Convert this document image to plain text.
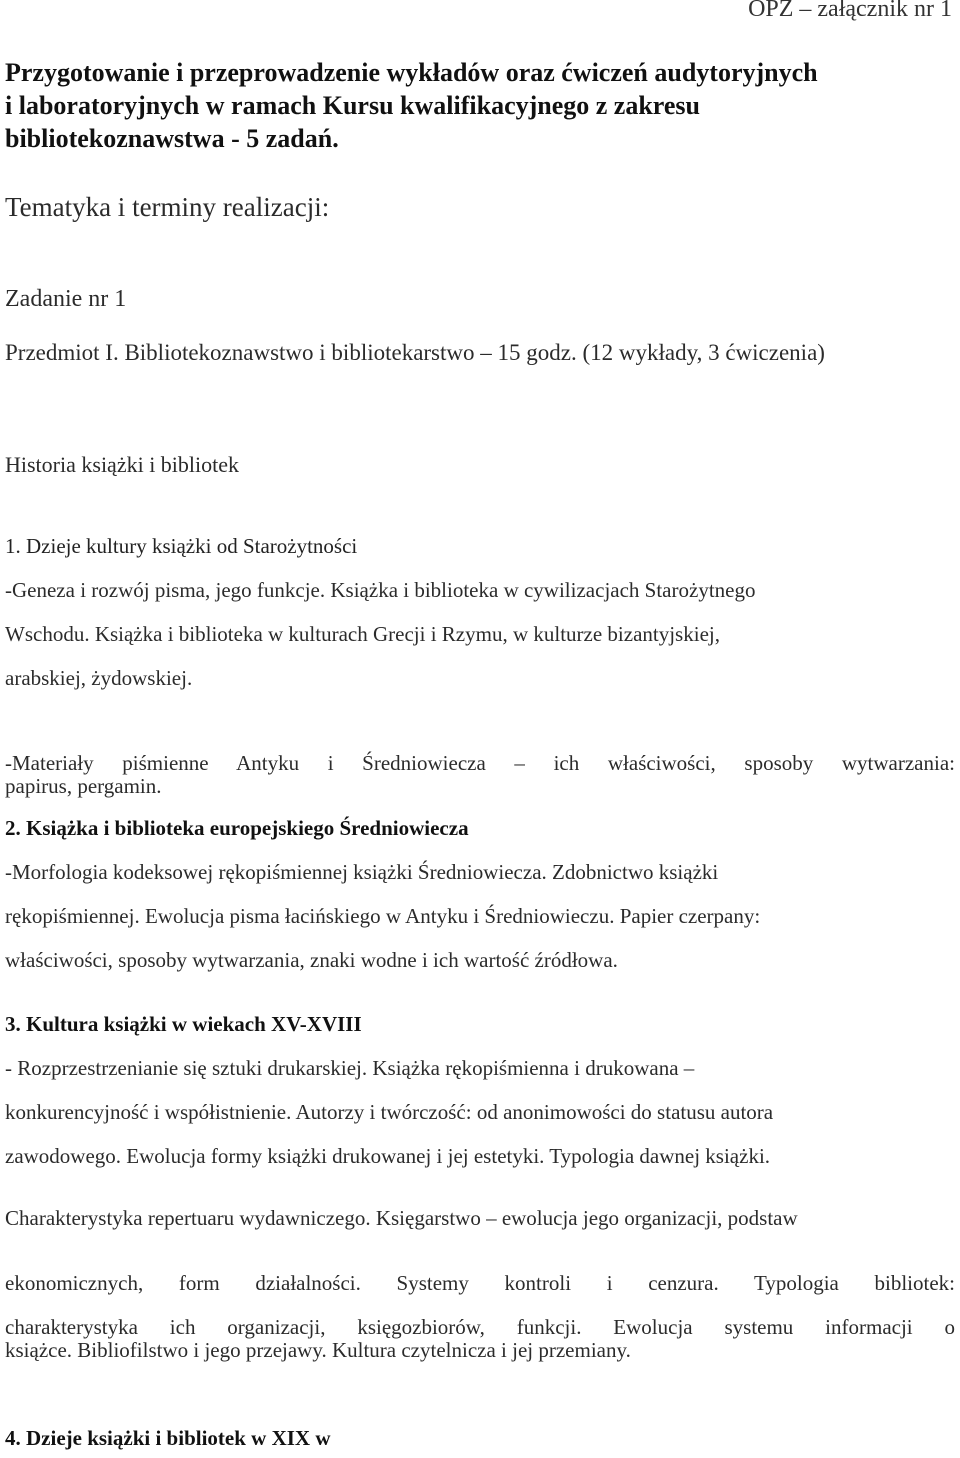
OPZ – załącznik nr 1

Przygotowanie i przeprowadzenie wykładów oraz ćwiczeń audytoryjnych

i laboratoryjnych w ramach Kursu kwalifikacyjnego z zakresu

bibliotekoznawstwa - 5 zadań.

Tematyka i terminy realizacji:

Zadanie nr 1

Przedmiot I. Bibliotekoznawstwo i bibliotekarstwo – 15 godz. (12 wykłady, 3 ćwiczenia)

Historia książki i bibliotek

1. Dzieje kultury książki od Starożytności

-Geneza i rozwój pisma, jego funkcje. Książka i biblioteka w cywilizacjach Starożytnego

Wschodu. Książka i biblioteka w kulturach Grecji i Rzymu, w kulturze bizantyjskiej,

arabskiej, żydowskiej.

-Materiały piśmienne Antyku i Średniowiecza – ich właściwości, sposoby wytwarzania:

papirus, pergamin.

2. Książka i biblioteka europejskiego Średniowiecza

-Morfologia kodeksowej rękopiśmiennej książki Średniowiecza. Zdobnictwo książki

rękopiśmiennej. Ewolucja pisma łacińskiego w Antyku i Średniowieczu. Papier czerpany:

właściwości, sposoby wytwarzania, znaki wodne i ich wartość źródłowa.

3. Kultura książki w wiekach XV-XVIII

- Rozprzestrzenianie się sztuki drukarskiej. Książka rękopiśmienna i drukowana –

konkurencyjność i współistnienie. Autorzy i twórczość: od anonimowości do statusu autora

zawodowego. Ewolucja formy książki drukowanej i jej estetyki. Typologia dawnej książki.

Charakterystyka repertuaru wydawniczego. Księgarstwo – ewolucja jego organizacji, podstaw

ekonomicznych, form działalności. Systemy kontroli i cenzura. Typologia bibliotek:

charakterystyka ich organizacji, księgozbiorów, funkcji. Ewolucja systemu informacji o

książce. Bibliofilstwo i jego przejawy. Kultura czytelnicza i jej przemiany.

4. Dzieje książki i bibliotek w XIX w
